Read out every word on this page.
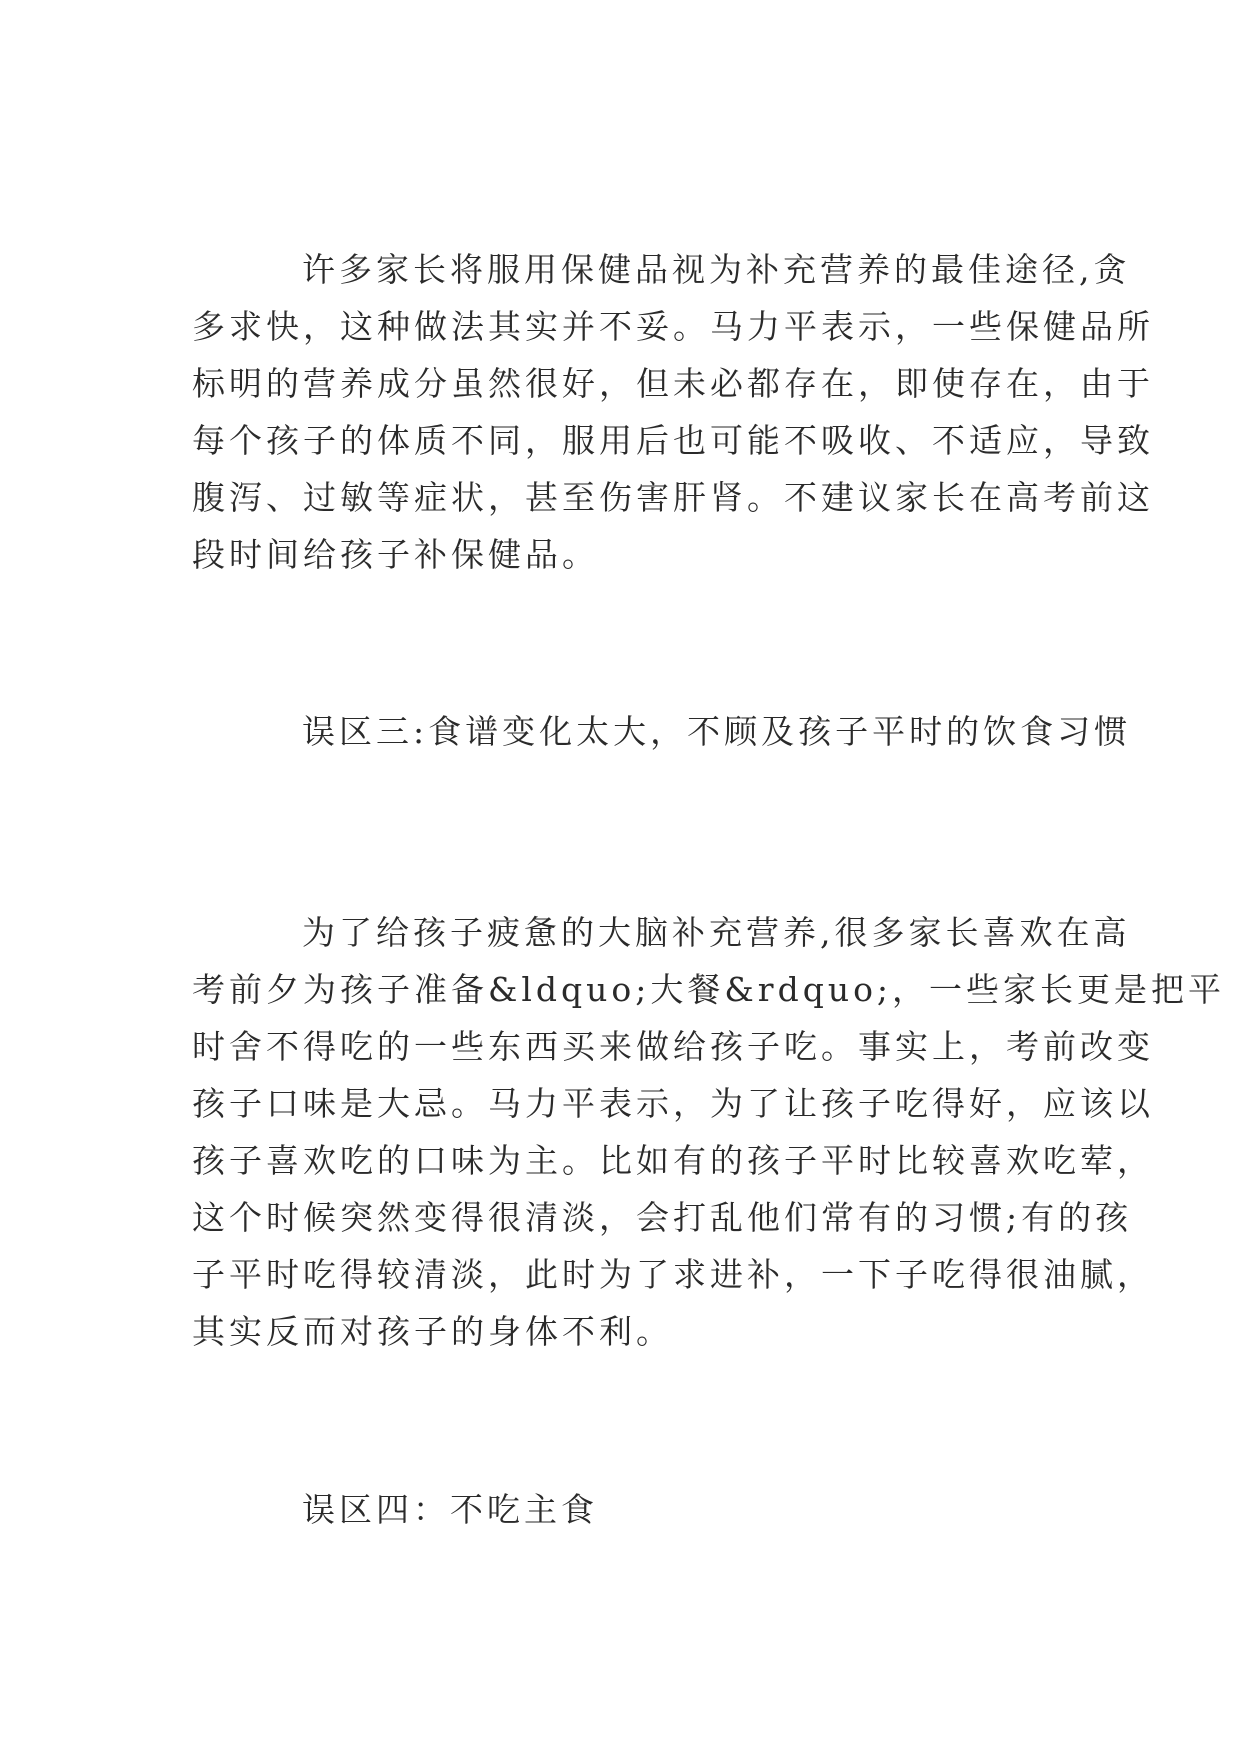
许多家长将服用保健品视为补充营养的最佳途径,贪
多求快，这种做法其实并不妥。马力平表示，一些保健品所
标明的营养成分虽然很好，但未必都存在，即使存在，由于
每个孩子的体质不同，服用后也可能不吸收、不适应，导致
腹泻、过敏等症状，甚至伤害肝肾。不建议家长在高考前这
段时间给孩子补保健品。
误区三:食谱变化太大，不顾及孩子平时的饮食习惯
为了给孩子疲惫的大脑补充营养,很多家长喜欢在高
考前夕为孩子准备&ldquo;大餐&rdquo;，一些家长更是把平
时舍不得吃的一些东西买来做给孩子吃。事实上，考前改变
孩子口味是大忌。马力平表示，为了让孩子吃得好，应该以
孩子喜欢吃的口味为主。比如有的孩子平时比较喜欢吃荤，
这个时候突然变得很清淡，会打乱他们常有的习惯;有的孩
子平时吃得较清淡，此时为了求进补，一下子吃得很油腻，
其实反而对孩子的身体不利。
误区四：不吃主食
